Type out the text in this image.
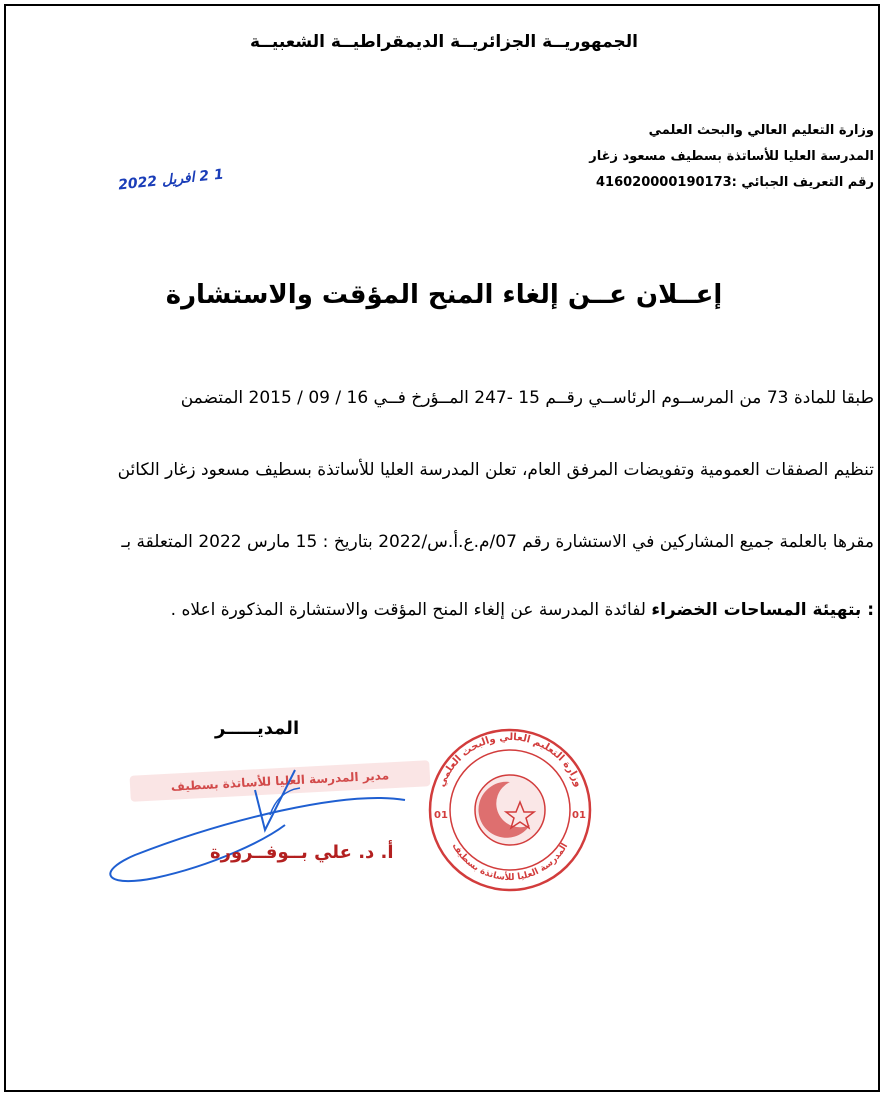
الجمهوريــة الجزائريــة الديمقراطيــة الشعبيــة
وزارة التعليم العالي والبحث العلمي
المدرسة العليا للأساتذة بسطيف مسعود زغار
رقم التعريف الجبائي :416020000190173
1 2 افريل 2022
إعــلان عــن إلغاء المنح المؤقت والاستشارة
طبقا للمادة 73 من المرســوم الرئاســي رقــم 15 -247 المــؤرخ فــي 16 / 09 / 2015 المتضمن
تنظيم الصفقات العمومية وتفويضات المرفق العام، تعلن المدرسة العليا للأساتذة بسطيف مسعود زغار الكائن
مقرها بالعلمة جميع المشاركين في الاستشارة رقم 07/م.ع.أ.س/2022 بتاريخ : 15 مارس 2022 المتعلقة بـ
: بتهيئة المساحات الخضراء لفائدة المدرسة عن إلغاء المنح المؤقت والاستشارة المذكورة اعلاه .
المديـــــر
مدير المدرسة العليا للأساتذة بسطيف
أ. د. علي بــوفــرورة
وزارة التعليم العالي والبحث العلمي
المدرسة العليا للأساتذة بسطيف
01	01
